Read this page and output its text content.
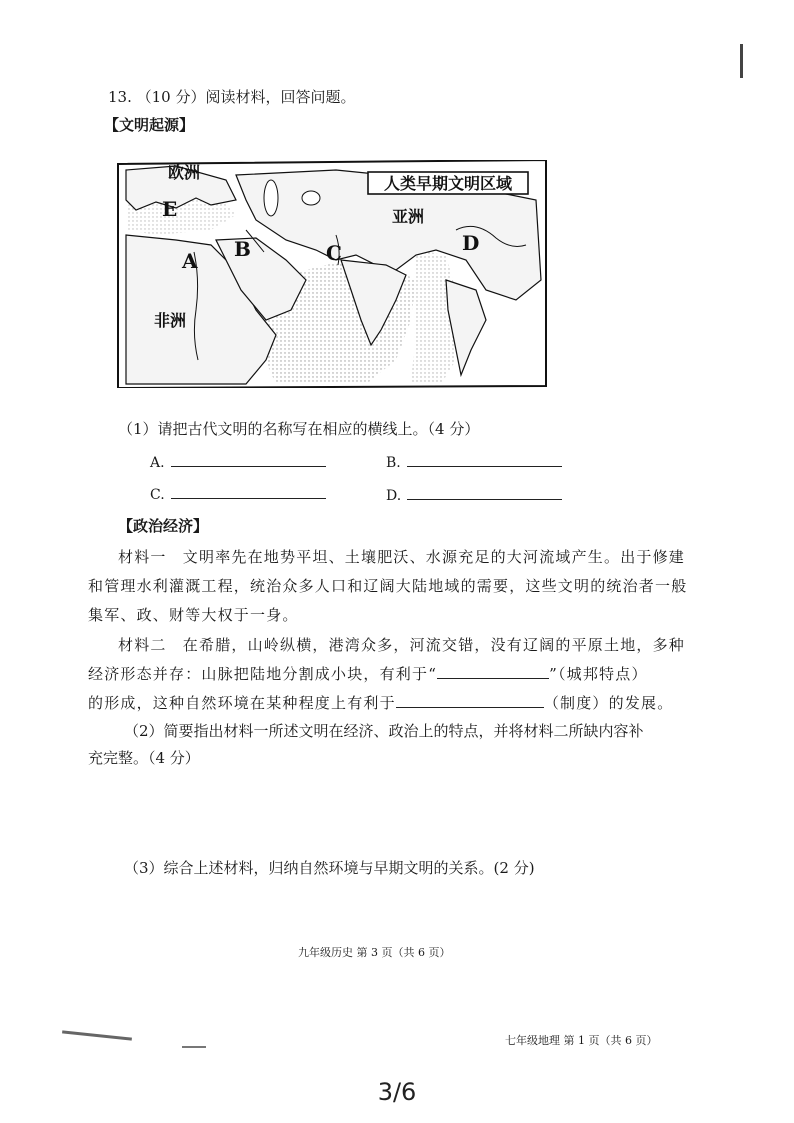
13. （10 分）阅读材料，回答问题。
【文明起源】
人类早期文明区域
欧洲
亚洲
非洲
A B	C	D
E
（1）请把古代文明的名称写在相应的横线上。（4 分）
A.	B.
C.	D.
【政治经济】
材料一　文明率先在地势平坦、土壤肥沃、水源充足的大河流域产生。出于修建
和管理水利灌溉工程，统治众多人口和辽阔大陆地域的需要，这些文明的统治者一般
集军、政、财等大权于一身。
材料二　在希腊，山岭纵横，港湾众多，河流交错，没有辽阔的平原土地，多种
经济形态并存：山脉把陆地分割成小块，有利于“	”（城邦特点）
的形成，这种自然环境在某种程度上有利于	（制度）的发展。
（2）简要指出材料一所述文明在经济、政治上的特点，并将材料二所缺内容补
充完整。（4 分）
（3）综合上述材料，归纳自然环境与早期文明的关系。(2 分)
九年级历史 第 3 页（共 6 页）
七年级地理 第 1 页（共 6 页）
3/6
